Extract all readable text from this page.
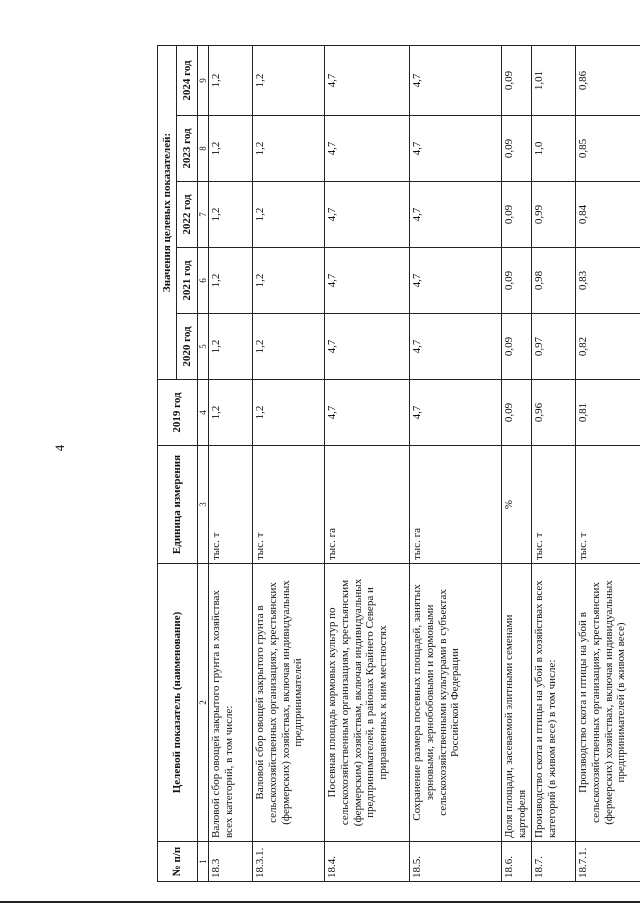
4
№ п/п	Целевой показатель (наименование)	Единица измерения	2019 год	Значения целевых показателей:				
				2020 год	2021 год	2022 год	2023 год	2024 год
1	2	3	4	5	6	7	8	9
18.3	Валовой сбор овощей закрытого грунта в хозяйствах всех категорий, в том числе:	тыс. т	1,2	1,2	1,2	1,2	1,2	1,2
18.3.1.	Валовой сбор овощей закрытого грунта в сельскохозяйственных организациях, крестьянских (фермерских) хозяйствах, включая индивидуальных предпринимателей	тыс. т	1,2	1,2	1,2	1,2	1,2	1,2
18.4.	Посевная площадь кормовых культур по сельскохозяйственным организациям, крестьянским (фермерским) хозяйствам, включая индивидуальных предпринимателей, в районах Крайнего Севера и приравненных к ним местностях	тыс. га	4,7	4,7	4,7	4,7	4,7	4,7
18.5.	Сохранение размера посевных площадей, занятых зерновыми, зернобобовыми и кормовыми сельскохозяйственными культурами в субъектах Российской Федерации	тыс. га	4,7	4,7	4,7	4,7	4,7	4,7
18.6.	Доля площади, засеваемой элитными семенами картофеля	%	0,09	0,09	0,09	0,09	0,09	0,09
18.7.	Производство скота и птицы на убой в хозяйствах всех категорий (в живом весе) в том числе:	тыс. т	0,96	0,97	0,98	0,99	1,0	1,01
18.7.1.	Производство скота и птицы на убой в сельскохозяйственных организациях, крестьянских (фермерских) хозяйствах, включая индивидуальных предпринимателей (в живом весе)	тыс. т	0,81	0,82	0,83	0,84	0,85	0,86
